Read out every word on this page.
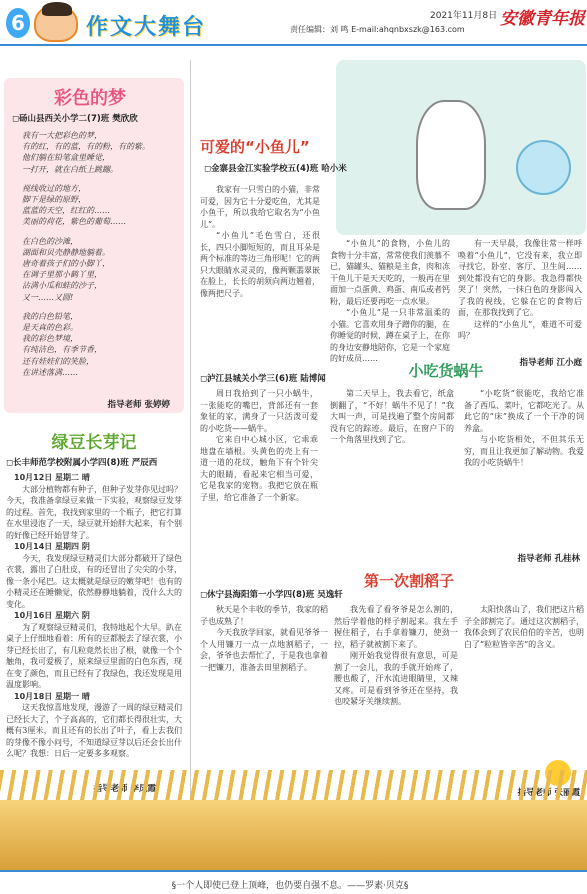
6	作文大舞台	2021年11月8日
责任编辑：刘 鸣 E-mail:ahqnbxszk@163.com
安徽青年报
彩色的梦
◻砀山县西关小学二(7)班 樊欣欣

我有一大把彩色的梦，

有的红，有的蓝，有的粉，有的紫。

他们躺在铅笔盒里睡觉，

一打开，就在白纸上跳蹦。

视线收过的地方，

脚下是绿的原野，

蓝蓝的天空，红红的……

美丽的荷花，紫色的葡萄……

在白色的沙滩，

湖面和贝壳静静地躺着。

唐奇着孩子们的小脚丫，

在调子里那小鹤丫里，

沾满小瓜和蛙的沙子，

又一……又圆!

我的白色铅笔，

是天真的色彩。

我的彩色梦境，

有纯洁色，有季节香，

还有娃娃们的笑脸，

在讲述落满……

指导老师 张婷婷
绿豆长芽记
◻长丰师范学校附属小学四(8)班 严辰西

10月12日 星期二 晴

大部分植物都有种子，但种子发芽你见过吗？今天，我准备拿绿豆来做一下实验，观察绿豆发芽的过程。首先，我找到家里的一个瓶子，把它打算在水里浸泡了一天，绿豆就开始胖大起来，有个别的好像已经开始冒芽了。

10月14日 星期四 阴

今天，我发现绿豆精灵们大部分都破开了绿色衣裳，露出了白肚皮，有的还冒出了尖尖的小芽，像一条小尾巴。这太概就是绿豆的嫩芽吧！也有的小精灵还在睡懒觉，依然静静地躺着，没什么大的变化。

10月16日 星期六 阴

为了观察绿豆精灵们，我特地起个大早。趴在桌子上仔细地看着：所有的豆都脱去了绿衣裳，小芽已经长出了，有几粒竟然长出了根，就像一个个触角，我可爱极了，原来绿豆里面的白色东西，现在变了颜色，而且已经有了我绿色，我还发现是用温度影响。

10月18日 星期一 晴

这天我惊喜地发现，漫游了一周的绿豆精灵们已经长大了，个子高高的，它们都长得很壮实，大概有3厘米，而且还有的长出了叶子，看上去我们的芽像不像小问号，不知道绿豆芽以后还会长出什么呢？我想：日后一定要多多观察。

可爱的“小鱼儿”
◻金寨县金江实验学校五(4)班 哈小米

我家有一只雪白的小猫，非常可爱，因为它十分爱吃鱼，尤其是小鱼干，所以我给它取名为“小鱼儿”。

“小鱼儿”毛色雪白，还很长，四只小脚短短的，而且耳朵是两个标准的等边三角形呢！它的两只大眼睛水灵灵的，像两颗翡翠嵌在脸上，长长的胡须向两边翘着，像两把尺子。

“小鱼儿”的食物，小鱼儿的食物十分丰富，常常使我们羡慕不已，猫罐头、猫粮是主食，肉和冻干鱼儿干是天天吃的，一般再在里面加一点蛋黄、鸡蛋、南瓜或者钙粉，最后还要再吃一点水果。

“小鱼儿”是一只非常温柔的小猫。它喜欢用身子蹭你的腿，在你睡觉的时候，蹲在桌子上，在你的身边安静地陪你，它是一个家庭的好成员……

有一天早晨，我像往常一样呼唤着“小鱼儿”，它没有来，我立即寻找它，卧室、客厅、卫生间……到处都没有它的身影。我急得都快哭了！突然，一抹白色的身影闯入了我的视线，它躲在它的食物后面，在那我找到了它。

这样的“小鱼儿”，难道不可爱吗？

指导老师 江小庭
小吃货蜗牛
◻泸江县城关小学三(6)班 陆博闻

周日我拾到了一只小蜗牛，一张能吃的嘴巴，背部还有一套象征的家，满身了一只活泼可爱的小吃货——蜗牛。

它来自中心城小区，它乖乖地盘在墙根。头黄色的壳上有一道一道的花纹，触角下有个针尖大的眼睛，看起来它相当可爱，它是我家的宠物。我把它放在瓶子里，给它准备了一个新家。

第二天早上，我去看它，纸盒倒翻了，“不好！蜗牛不见了！”我大叫一声，可是找遍了整个房间都没有它的踪迹。最后，在窗户下的一个角落里找到了它。

“小吃货”很能吃，我给它准备了西瓜、菜叶，它都吃光了。从此它的“床”换成了一个干净的饲养盒。

与小吃货相处，不但其乐无穷，而且让我更加了解动物。我爱我的小吃货蜗牛！

指导老师 孔桂林
第一次割稻子
◻休宁县海阳第一小学四(8)班 吴逸轩

秋天是个丰收的季节，我家的稻子也成熟了！

今天我放学回家，就看见爷爷一个人用镰刀一点一点地割稻子，一会，爷爷也去帮忙了，于是我也拿着一把镰刀，准备去田里割稻子。

我先看了看爷爷是怎么割的，然后学着他的样子割起来。我左手握住稻子，右手拿着镰刀，使劲一拉，稻子就被割下来了。

刚开始我觉得很有意思，可是割了一会儿，我的手就开始疼了，腰也酸了，汗水流进眼睛里，又辣又疼。可是看到爷爷还在坚持，我也咬紧牙关继续割。

太阳快落山了，我们把这片稻子全部割完了。通过这次割稻子，我体会到了农民伯伯的辛苦，也明白了“粒粒皆辛苦”的含义。

§一个人即使已登上顶峰，也仍要自强不息。——罗素·贝克§
